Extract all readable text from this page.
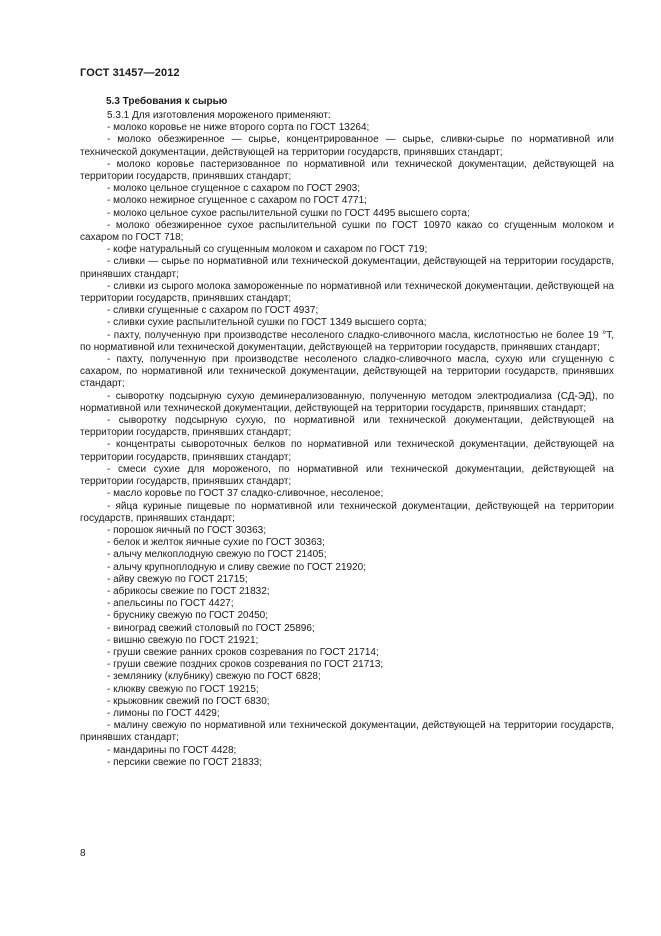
ГОСТ 31457—2012
5.3 Требования к сырью

5.3.1 Для изготовления мороженого применяют:

- молоко коровье не ниже второго сорта по ГОСТ 13264;

- молоко обезжиренное — сырье, концентрированное — сырье, сливки-сырье по нормативной или технической документации, действующей на территории государств, принявших стандарт;

- молоко коровье пастеризованное по нормативной или технической документации, действующей на территории государств, принявших стандарт;

- молоко цельное сгущенное с сахаром по ГОСТ 2903;

- молоко нежирное сгущенное с сахаром по ГОСТ 4771;

- молоко цельное сухое распылительной сушки по ГОСТ 4495 высшего сорта;

- молоко обезжиренное сухое распылительной сушки по ГОСТ 10970 какао со сгущенным молоком и сахаром по ГОСТ 718;

- кофе натуральный со сгущенным молоком и сахаром по ГОСТ 719;

- сливки — сырье по нормативной или технической документации, действующей на территории государств, принявших стандарт;

- сливки из сырого молока замороженные по нормативной или технической документации, действующей на территории государств, принявших стандарт;

- сливки сгущенные с сахаром по ГОСТ 4937;

- сливки сухие распылительной сушки по ГОСТ 1349 высшего сорта;

- пахту, полученную при производстве несоленого сладко-сливочного масла, кислотностью не более 19 °Т, по нормативной или технической документации, действующей на территории государств, принявших стандарт;

- пахту, полученную при производстве несоленого сладко-сливочного масла, сухую или сгущенную с сахаром, по нормативной или технической документации, действующей на территории государств, принявших стандарт;

- сыворотку подсырную сухую деминерализованную, полученную методом электродиализа (СД-ЭД), по нормативной или технической документации, действующей на территории государств, принявших стандарт;

- сыворотку подсырную сухую, по нормативной или технической документации, действующей на территории государств, принявших стандарт;

- концентраты сывороточных белков по нормативной или технической документации, действующей на территории государств, принявших стандарт;

- смеси сухие для мороженого, по нормативной или технической документации, действующей на территории государств, принявших стандарт;

- масло коровье по ГОСТ 37 сладко-сливочное, несоленое;

- яйца куриные пищевые по нормативной или технической документации, действующей на территории государств, принявших стандарт;

- порошок яичный по ГОСТ 30363;

- белок и желток яичные сухие по ГОСТ 30363;

- алычу мелкоплодную свежую по ГОСТ 21405;

- алычу крупноплодную и сливу свежие по ГОСТ 21920;

- айву свежую по ГОСТ 21715;

- абрикосы свежие по ГОСТ 21832;

- апельсины по ГОСТ 4427;

- бруснику свежую по ГОСТ 20450;

- виноград свежий столовый по ГОСТ 25896;

- вишню свежую по ГОСТ 21921;

- груши свежие ранних сроков созревания по ГОСТ 21714;

- груши свежие поздних сроков созревания по ГОСТ 21713;

- землянику (клубнику) свежую по ГОСТ 6828;

- клюкву свежую по ГОСТ 19215;

- крыжовник свежий по ГОСТ 6830;

- лимоны по ГОСТ 4429;

- малину свежую по нормативной или технической документации, действующей на территории государств, принявших стандарт;

- мандарины по ГОСТ 4428;

- персики свежие по ГОСТ 21833;

8
